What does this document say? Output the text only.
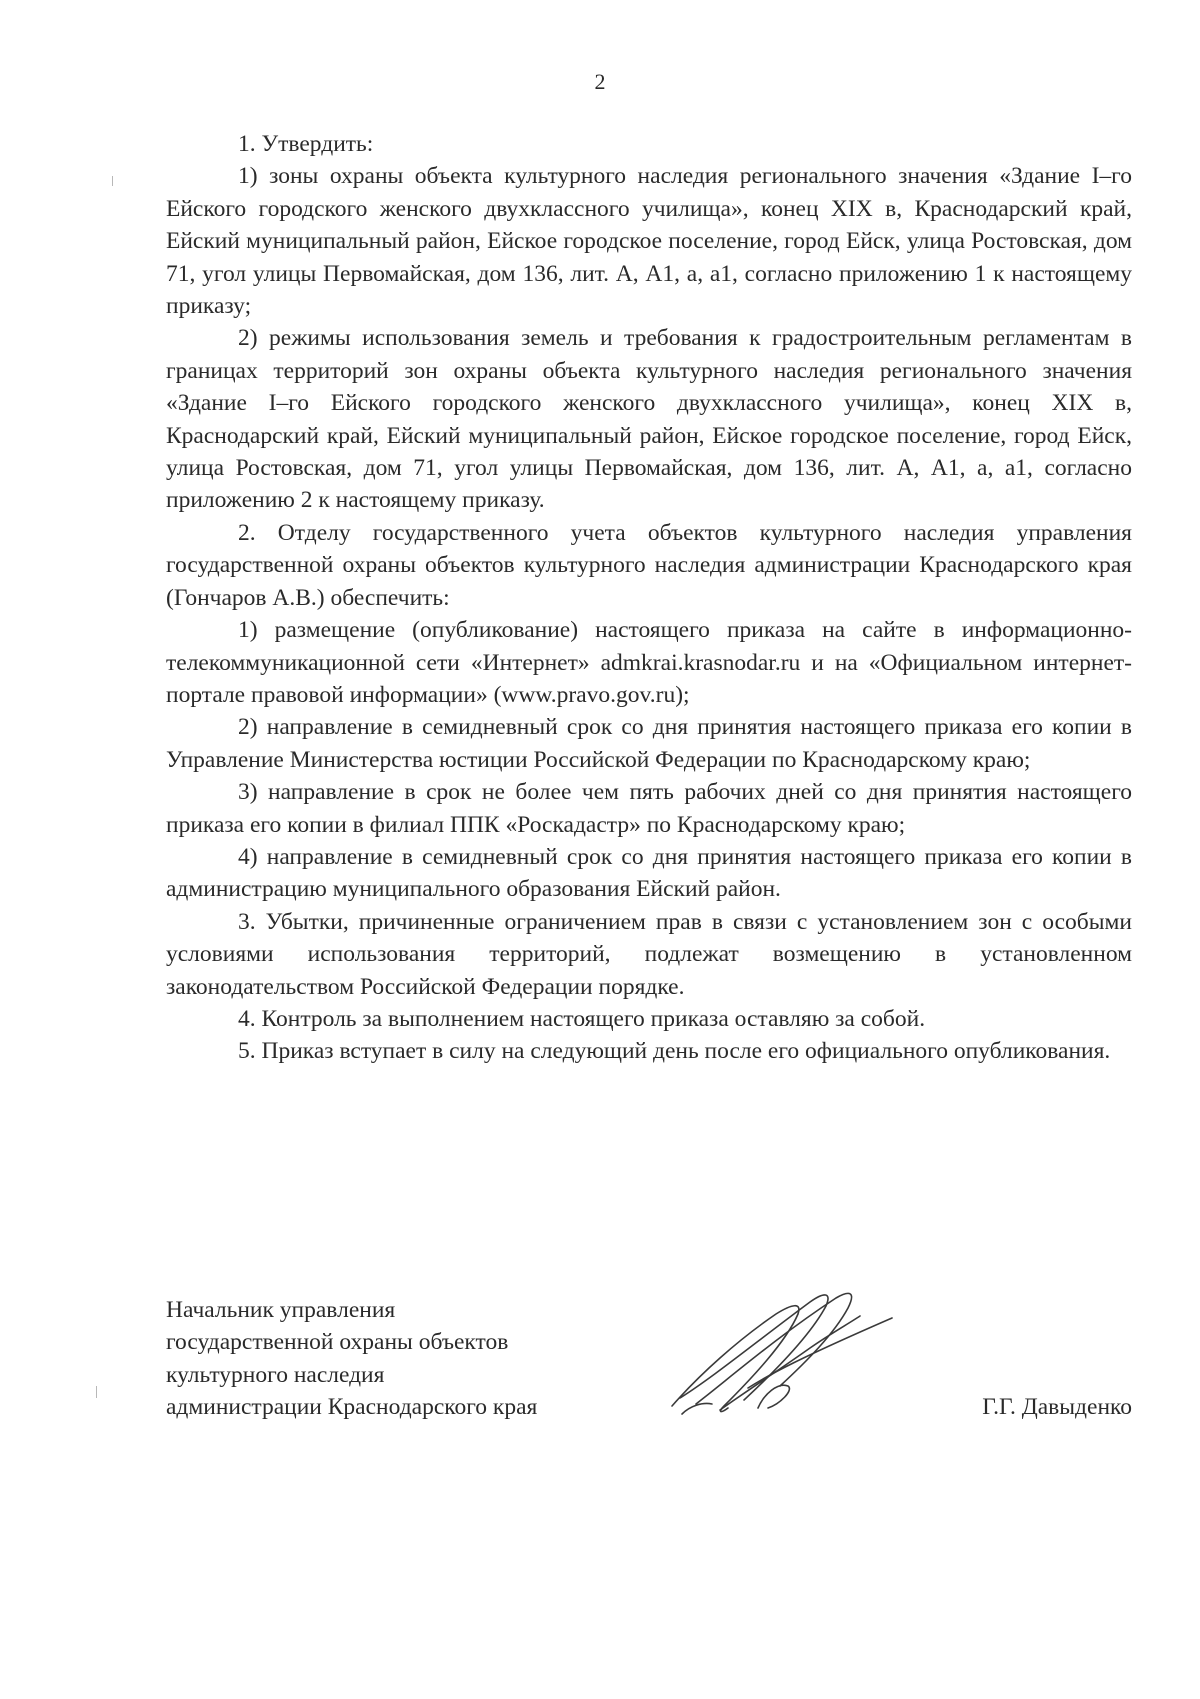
2

1. Утвердить:

1) зоны охраны объекта культурного наследия регионального значения «Здание I–го Ейского городского женского двухклассного училища», конец XIX в, Краснодарский край, Ейский муниципальный район, Ейское городское поселение, город Ейск, улица Ростовская, дом 71, угол улицы Первомайская, дом 136, лит. А, А1, а, а1, согласно приложению 1 к настоящему приказу;

2) режимы использования земель и требования к градостроительным регламентам в границах территорий зон охраны объекта культурного наследия регионального значения «Здание I–го Ейского городского женского двухклассного училища», конец XIX в, Краснодарский край, Ейский муниципальный район, Ейское городское поселение, город Ейск, улица Ростовская, дом 71, угол улицы Первомайская, дом 136, лит. А, А1, а, а1, согласно приложению 2 к настоящему приказу.

2. Отделу государственного учета объектов культурного наследия управления государственной охраны объектов культурного наследия администрации Краснодарского края (Гончаров А.В.) обеспечить:

1) размещение (опубликование) настоящего приказа на сайте в информационно-телекоммуникационной сети «Интернет» admkrai.krasnodar.ru и на «Официальном интернет-портале правовой информации» (www.pravo.gov.ru);

2) направление в семидневный срок со дня принятия настоящего приказа его копии в Управление Министерства юстиции Российской Федерации по Краснодарскому краю;

3) направление в срок не более чем пять рабочих дней со дня принятия настоящего приказа его копии в филиал ППК «Роскадастр» по Краснодарскому краю;

4) направление в семидневный срок со дня принятия настоящего приказа его копии в администрацию муниципального образования Ейский район.

3. Убытки, причиненные ограничением прав в связи с установлением зон с особыми условиями использования территорий, подлежат возмещению в установленном законодательством Российской Федерации порядке.

4. Контроль за выполнением настоящего приказа оставляю за собой.

5. Приказ вступает в силу на следующий день после его официального опубликования.

Начальник управления
государственной охраны объектов
культурного наследия
администрации Краснодарского края	Г.Г. Давыденко
